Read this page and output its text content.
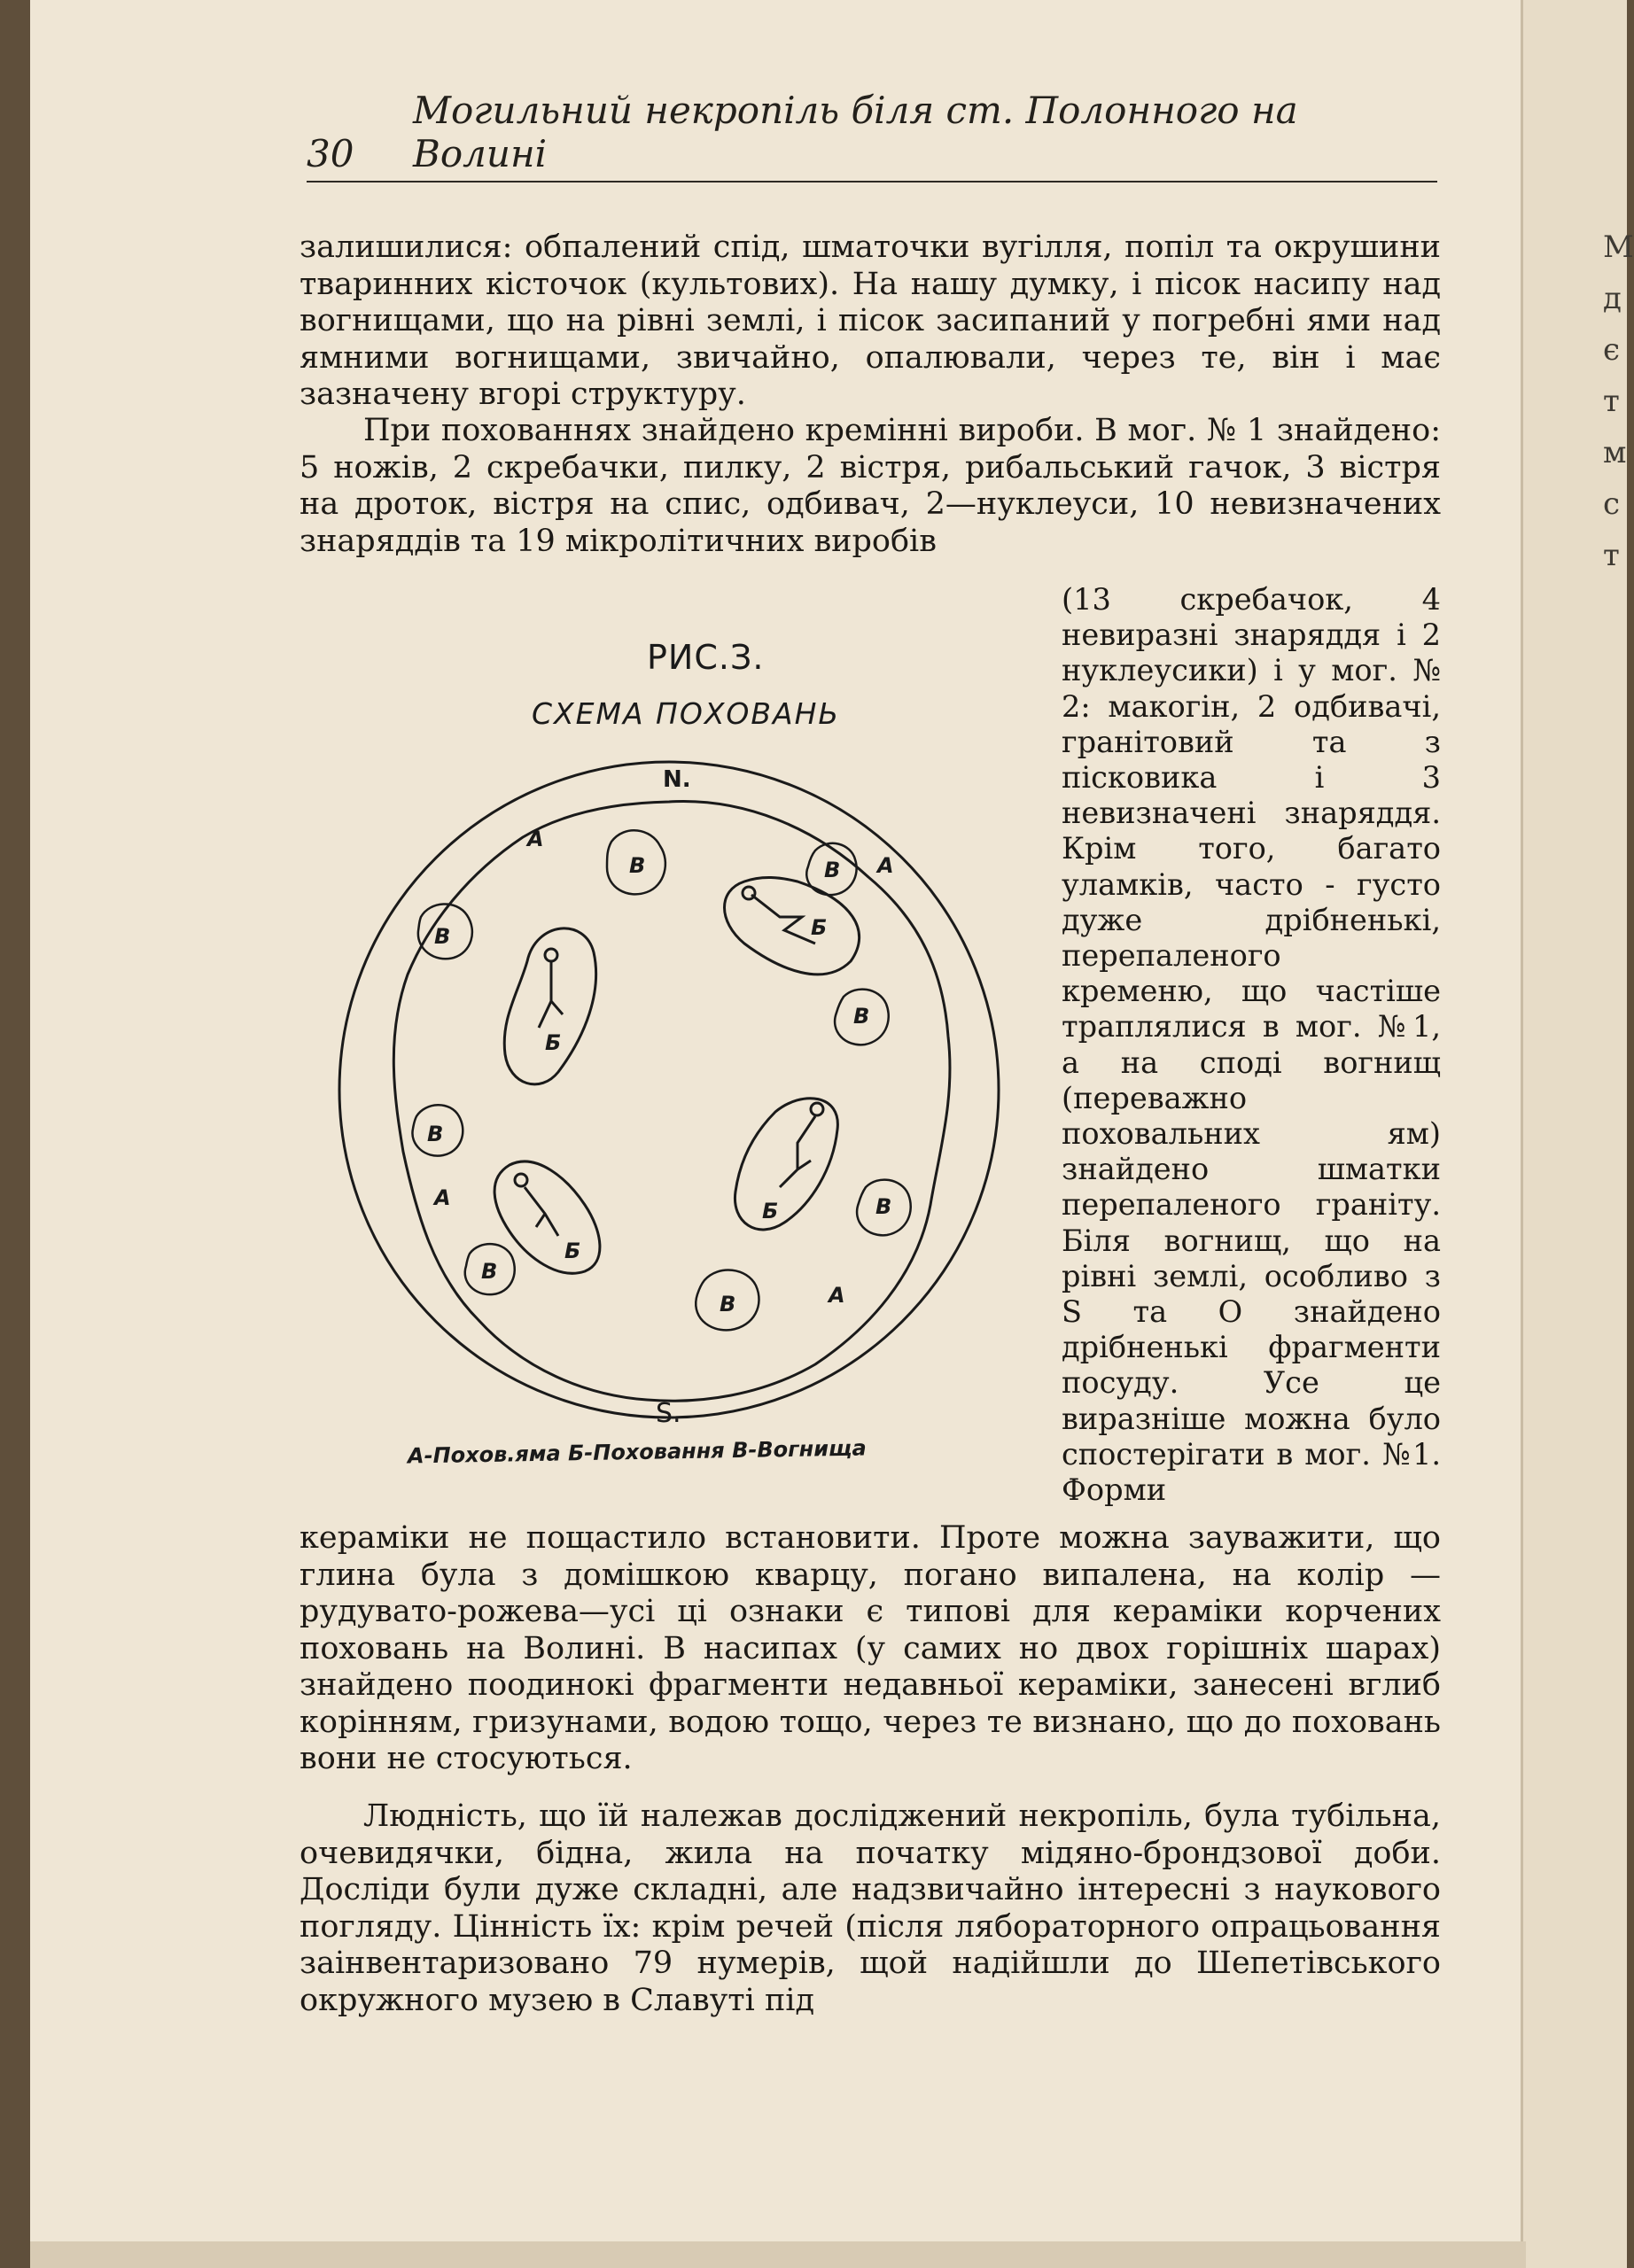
М
д
є
т
м
с
т
30
Могильний некропіль біля ст. Полонного на Волині

залишилися: обпалений спід, шматочки вугілля, попіл та окрушини тваринних кісточок (культових). На нашу думку, і пісок насипу над вогнищами, що на рівні землі, і пісок засипаний у погребні ями над ямними вогнищами, звичайно, опалювали, через те, він і має зазначену вгорі структуру.

При похованнях знайдено кремінні вироби. В мог. № 1 знайдено: 5 ножів, 2 скребачки, пилку, 2 вістря, рибальський гачок, 3 вістря на дроток, вістря на спис, одбивач, 2—нуклеуси, 10 невизначених знаряддів та 19 мікролітичних виробів

(13 скребачок, 4 невиразні знаряддя і 2 нуклеусики) і у мог. № 2: макогін, 2 одбивачі, гранітовий та з пісковика і 3 невизначені знаряддя. Крім того, багато уламків, часто - густо дуже дрібненькі, перепаленого кременю, що частіше траплялися в мог. №1, а на споді вогнищ (переважно поховальних ям) знайдено шматки перепаленого граніту. Біля вогнищ, що на рівні землі, особливо з S та О знайдено дрібненькі фрагменти посуду. Усе це виразніше можна було спостерігати в мог. №1. Форми

РИС.З.
СХЕМА ПОХОВАНЬ
В	В
В
В
В
В
В
В
Б
Б
Б
Б
А
А
А
А
N.
S.
А-Похов.яма Б-Поховання В-Вогнища

кераміки не пощастило встановити. Проте можна зауважити, що глина була з домішкою кварцу, погано випалена, на колір — рудувато-рожева—усі ці ознаки є типові для кераміки корчених поховань на Волині. В насипах (у самих но двох горішніх шарах) знайдено поодинокі фрагменти недавньої кераміки, занесені вглиб корінням, гризунами, водою тощо, через те визнано, що до поховань вони не стосуються.

Людність, що їй належав досліджений некропіль, була тубільна, очевидячки, бідна, жила на початку мідяно-брондзової доби. Досліди були дуже складні, але надзвичайно інтересні з наукового погляду. Цінність їх: крім речей (після лябораторного опрацьовання заінвентаризовано 79 нумерів, щой надійшли до Шепетівського окружного музею в Славуті під
